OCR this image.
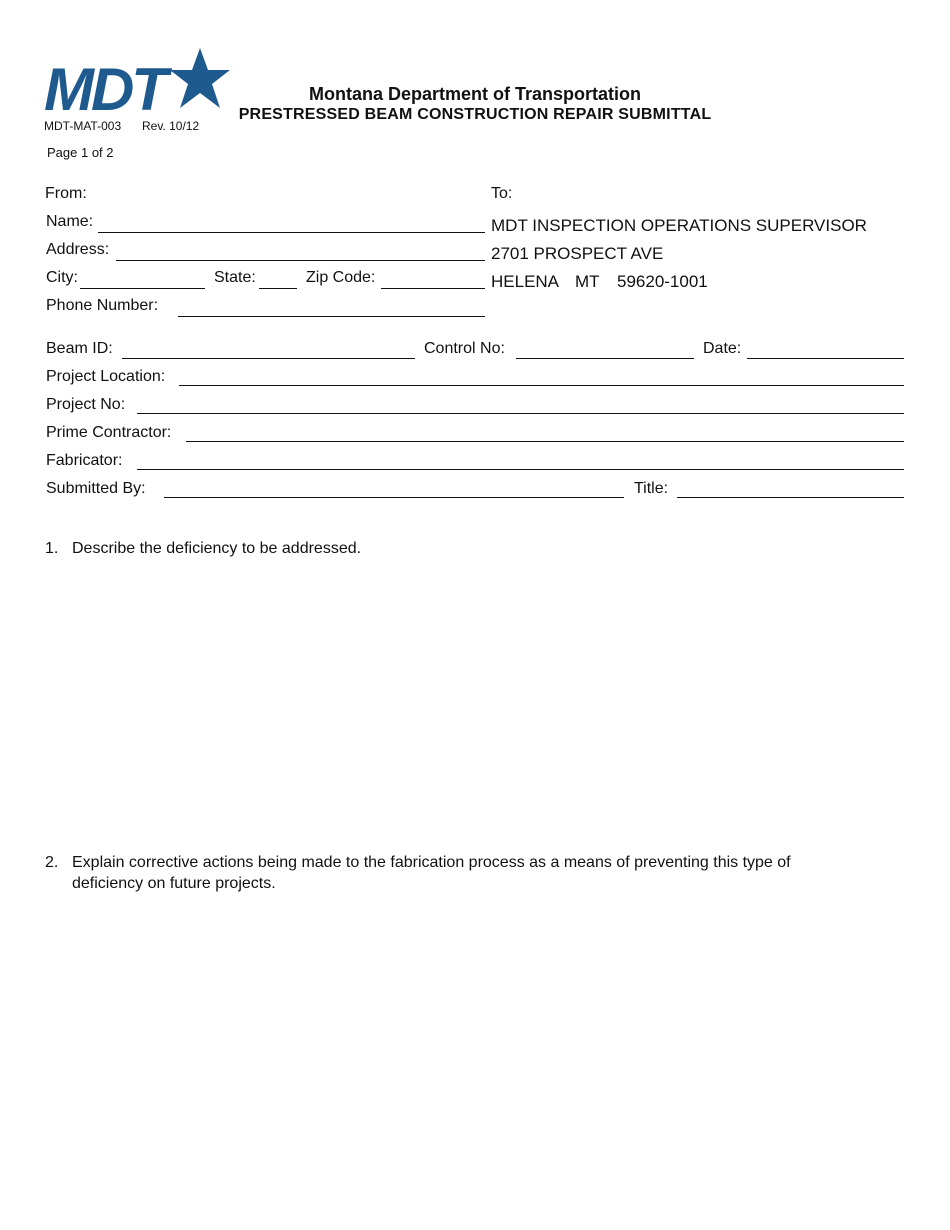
MDT
MDT-MAT-003 Rev. 10/12
Page 1 of 2
Montana Department of Transportation
PRESTRESSED BEAM CONSTRUCTION REPAIR SUBMITTAL
From:
Name:
Address:
City:	State:	Zip Code:
Phone Number:
To:
MDT INSPECTION OPERATIONS SUPERVISOR
2701 PROSPECT AVE
HELENA MT 59620-1001
Beam ID:	Control No:	Date:
Project Location:
Project No:
Prime Contractor:
Fabricator:
Submitted By:	Title:
1. Describe the deficiency to be addressed.
2. Explain corrective actions being made to the fabrication process as a means of preventing this type of
deficiency on future projects.
